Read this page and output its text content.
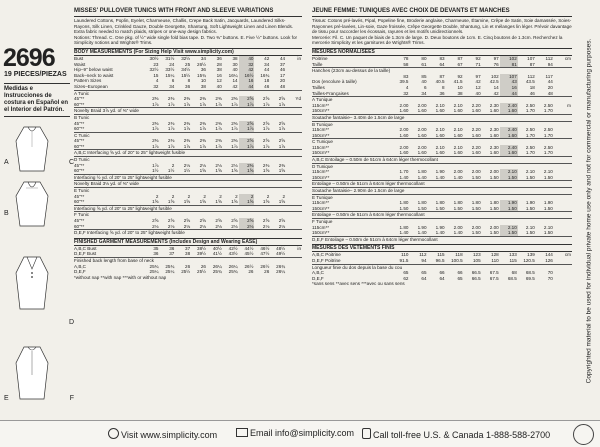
2696
19 PIECES/PIEZAS
Medidas e Instrucciones de costura en Español en el Interior del Patrón.
A	C
B
D
E	F
MISSES' PULLOVER TUNICS WITH FRONT AND SLEEVE VARIATIONS
Laundered Cottons, Poplin, Eyelet, Charmeuse, Challis, Crepe Back Satin, Jacquards, Laundered Silks-Rayons, Silk Linen, Crinkled Gauze, Double Georgette, Shantung, Soft Lightweight Linen and Linen Blends. Extra fabric needed to match plaids, stripes or one-way design fabrics.
Notions: Thread. C. One pkg. of ½" wide single fold bias tape. D. Two ⅜" buttons. E. Five ½" buttons. Look for Simplicity notions and Wrights® Trims.
BODY MEASUREMENTS (For Sizing Help Visit www.simplicity.com)
Bust	30½	31½	32½	34	36	38	40	42	44	in
Waist	23	24	25	26½	28	30	32	34	37	
Hip–9" below waist	32½	33½	34½	36	38	40	42	44	46	
Back–neck to waist	15	15¼	15½	15¾	16	16¼	16½	16¾	17	
Pattern Sizes	4	6	8	10	12	14	16	18	20	
Sizes–European	32	34	36	38	40	42	44	46	48	
A Tunic										
45"**	2⅜	2⅜	2⅜	2⅜	2⅜	2⅜	2⅝	2⅝	2⅝	Yd
60"**	1⅞	1⅞	1⅞	1⅞	1⅞	1⅞	1⅞	1⅞	1⅞	
Novelty Braid 3⅞ yd. of ⅜" wide										
B Tunic										
45"**	2⅜	2⅜	2⅜	2⅜	2⅜	2⅜	2⅝	2⅝	2⅝	
60"**	1⅞	1⅞	1⅞	1⅞	1⅞	1⅞	1⅞	1⅞	1⅞	
C Tunic										
45"**	2⅜	2⅜	2⅜	2⅜	2⅜	2⅜	2⅝	2⅝	2⅝	
60"**	1⅞	1⅞	1⅞	1⅞	1⅞	1⅞	1⅞	1⅞	1⅞	
A,B,C Interfacing ⅝ yd. of 20" to 25" lightweight fusible										
D Tunic										
45"**	1⅞	2	2⅛	2⅛	2⅛	2⅛	2⅜	2⅜	2⅜	
60"**	1½	1½	1½	1⅝	1⅝	1⅝	1⅝	1⅝	1⅝	
Interfacing ½ yd. of 20" to 25" lightweight fusible										
Novelty Braid 3⅛ yd. of ⅜" wide										
E Tunic										
45"**	2	2	2	2	2	2	2	2	2	
60"**	1⅝	1⅝	1⅝	1⅝	1⅝	1⅝	1⅝	1⅝	1⅝	
Interfacing ⅝ yd. of 20" to 25" lightweight fusible										
F Tunic										
45"**	2⅝	2⅝	2⅝	2⅝	2⅝	2⅝	2⅝	2⅝	2⅝	
60"**	2⅛	2⅛	2⅛	2⅛	2⅛	2⅛	2⅛	2⅛	2⅛	
D,E,F Interfacing ⅝ yd. of 20" to 25" lightweight fusible										
FINISHED GARMENT MEASUREMENTS (Includes Design and Wearing EASE)
A,B,C Bust	35	36	37	38½	40½	42½	44½	46½	48½	in
D,E,F Bust	36	37	38	39½	41½	43½	45½	47½	49½	
Finished back length from base of neck										
A,B,C	25¾	25¾	26	26	26¼	26¼	26½	26½	26¾	
D,E,F	25¼	25¼	25½	25½	25¾	25¾	26	26	26¼	
*without nap **with nap ***with or without nap
JEUNE FEMME: TUNIQUES AVEC CHOIX DE DEVANTS ET MANCHES
Tissus: Cotons pré-lavés, Pipal, Popeline fine, Broderie anglaise, Charmeuse, Étamine, Crêpe de Satin, Soie damassée, Soies-Rayonnes pré-lavées, Lin-soie, Gaze froissée, Crêpe Georgette Double, Shantung, Lin et mélanges lin léger. Prévoir davantage de tissu pour raccorder les écossais, rayures et les motifs unidirectionnels.
Mercerie: Fil. C. Un paquet de biais de 1.3cm de large. D. Deux boutons de 1cm. E. Cinq boutons de 1.3cm. Recherchez la mercerie Simplicity et les garnitures de Wrights® Trims.
MESURES NORMALISEES
Poitrine	78	80	83	87	92	97	102	107	112	cm
Taille	58	61	64	67	71	76	81	87	94	
Hanches (23cm au-dessus de la taille)										
	83	85	87	92	97	102	107	112	117	
Dos (encolure à taille)	39.5	40	40.5	41.5	42	42.5	43	43.5	44	
Tailles	4	6	8	10	12	14	16	18	20	
Tailles-Françaises	32	34	36	38	40	42	44	46	48	
A Tunique										
115cm**	2.00	2.00	2.10	2.10	2.20	2.30	2.40	2.50	2.50	m
150cm**	1.60	1.60	1.60	1.60	1.60	1.60	1.60	1.70	1.70	
Soutache fantaisie– 3.40m de 1.5cm de large										
B Tunique										
115cm**	2.00	2.00	2.10	2.10	2.20	2.30	2.40	2.50	2.50	
150cm**	1.60	1.60	1.60	1.60	1.60	1.60	1.60	1.70	1.70	
C Tunique										
115cm**	2.00	2.00	2.10	2.10	2.20	2.30	2.40	2.50	2.50	
150cm**	1.60	1.60	1.60	1.60	1.60	1.60	1.60	1.70	1.70	
A,B,C Entoilage – 0.50m de 51cm à 64cm léger thermocollant										
D Tunique										
115cm**	1.70	1.80	1.90	2.00	2.00	2.00	2.10	2.10	2.10	
150cm**	1.40	1.40	1.40	1.40	1.50	1.50	1.50	1.50	1.50	
Entoilage – 0.50m de 51cm à 64cm léger thermocollant										
Soutache fantaisie– 2.90m de 1.5cm de large										
E Tunique										
115cm**	1.80	1.80	1.80	1.80	1.80	1.80	1.90	1.90	1.90	
150cm**	1.50	1.50	1.50	1.50	1.50	1.50	1.50	1.50	1.50	
Entoilage – 0.50m de 51cm à 64cm léger thermocollant										
F Tunique										
115cm**	1.80	1.90	1.90	2.00	2.00	2.00	2.10	2.10	2.10	
150cm**	1.40	1.40	1.40	1.40	1.50	1.50	1.50	1.50	1.50	
D,E,F Entoilage – 0.50m de 51cm à 64cm léger thermocollant										
MESURES DES VETEMENTS FINIS
A,B,C Poitrine	110	112	115	118	123	128	133	139	144	cm
D,E,F Poitrine	91.5	94	96.5	100.5	105	110	115	120.5	126	
Longueur finie du dos depuis la base du cou										
A,B,C	65	65	66	66	66.5	67.5	68	68.5	70	
D,E,F	62	64	64	65	66.5	67.5	68.5	69.5	70	
*sans sens **avec sens ***avec ou sans sens	Copyrighted material to be used for individual private home use only and not for commercial or manufacturing purposes.
Visit www.simplicity.com	Email info@simplicity.com	Call toll-free U.S. & Canada 1-888-588-2700
